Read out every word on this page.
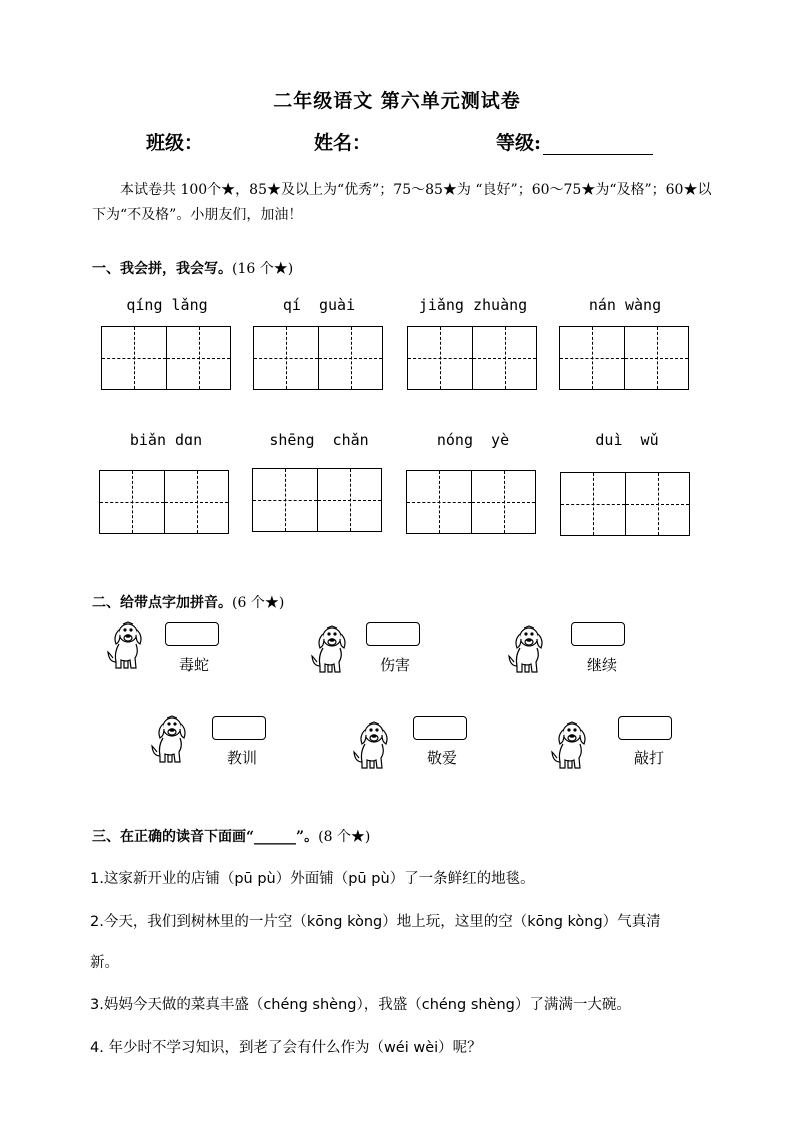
二年级语文 第六单元测试卷
班级：	姓名：	等级:
本试卷共 100个★，85★及以上为“优秀”；75～85★为 “良好”；60～75★为“及格”；60★以下为“不及格”。小朋友们，加油！
一、我会拼，我会写。(16 个★)
qíng lǎng	qí  guài	jiǎng zhuàng	nán wàng
biǎn dɑn	shēng  chǎn	nóng  yè	duì  wǔ
二、给带点字加拼音。(6 个★)
毒蛇	伤害	继续
教训	敬爱	敲打
三、在正确的读音下面画“______”。(8 个★)
1.这家新开业的店铺（pū pù）外面铺（pū pù）了一条鲜红的地毯。
2.今天，我们到树林里的一片空（kōng kòng）地上玩，这里的空（kōng kòng）气真清
新。
3.妈妈今天做的菜真丰盛（chéng shèng），我盛（chéng shèng）了满满一大碗。
4. 年少时不学习知识，到老了会有什么作为（wéi wèi）呢？
